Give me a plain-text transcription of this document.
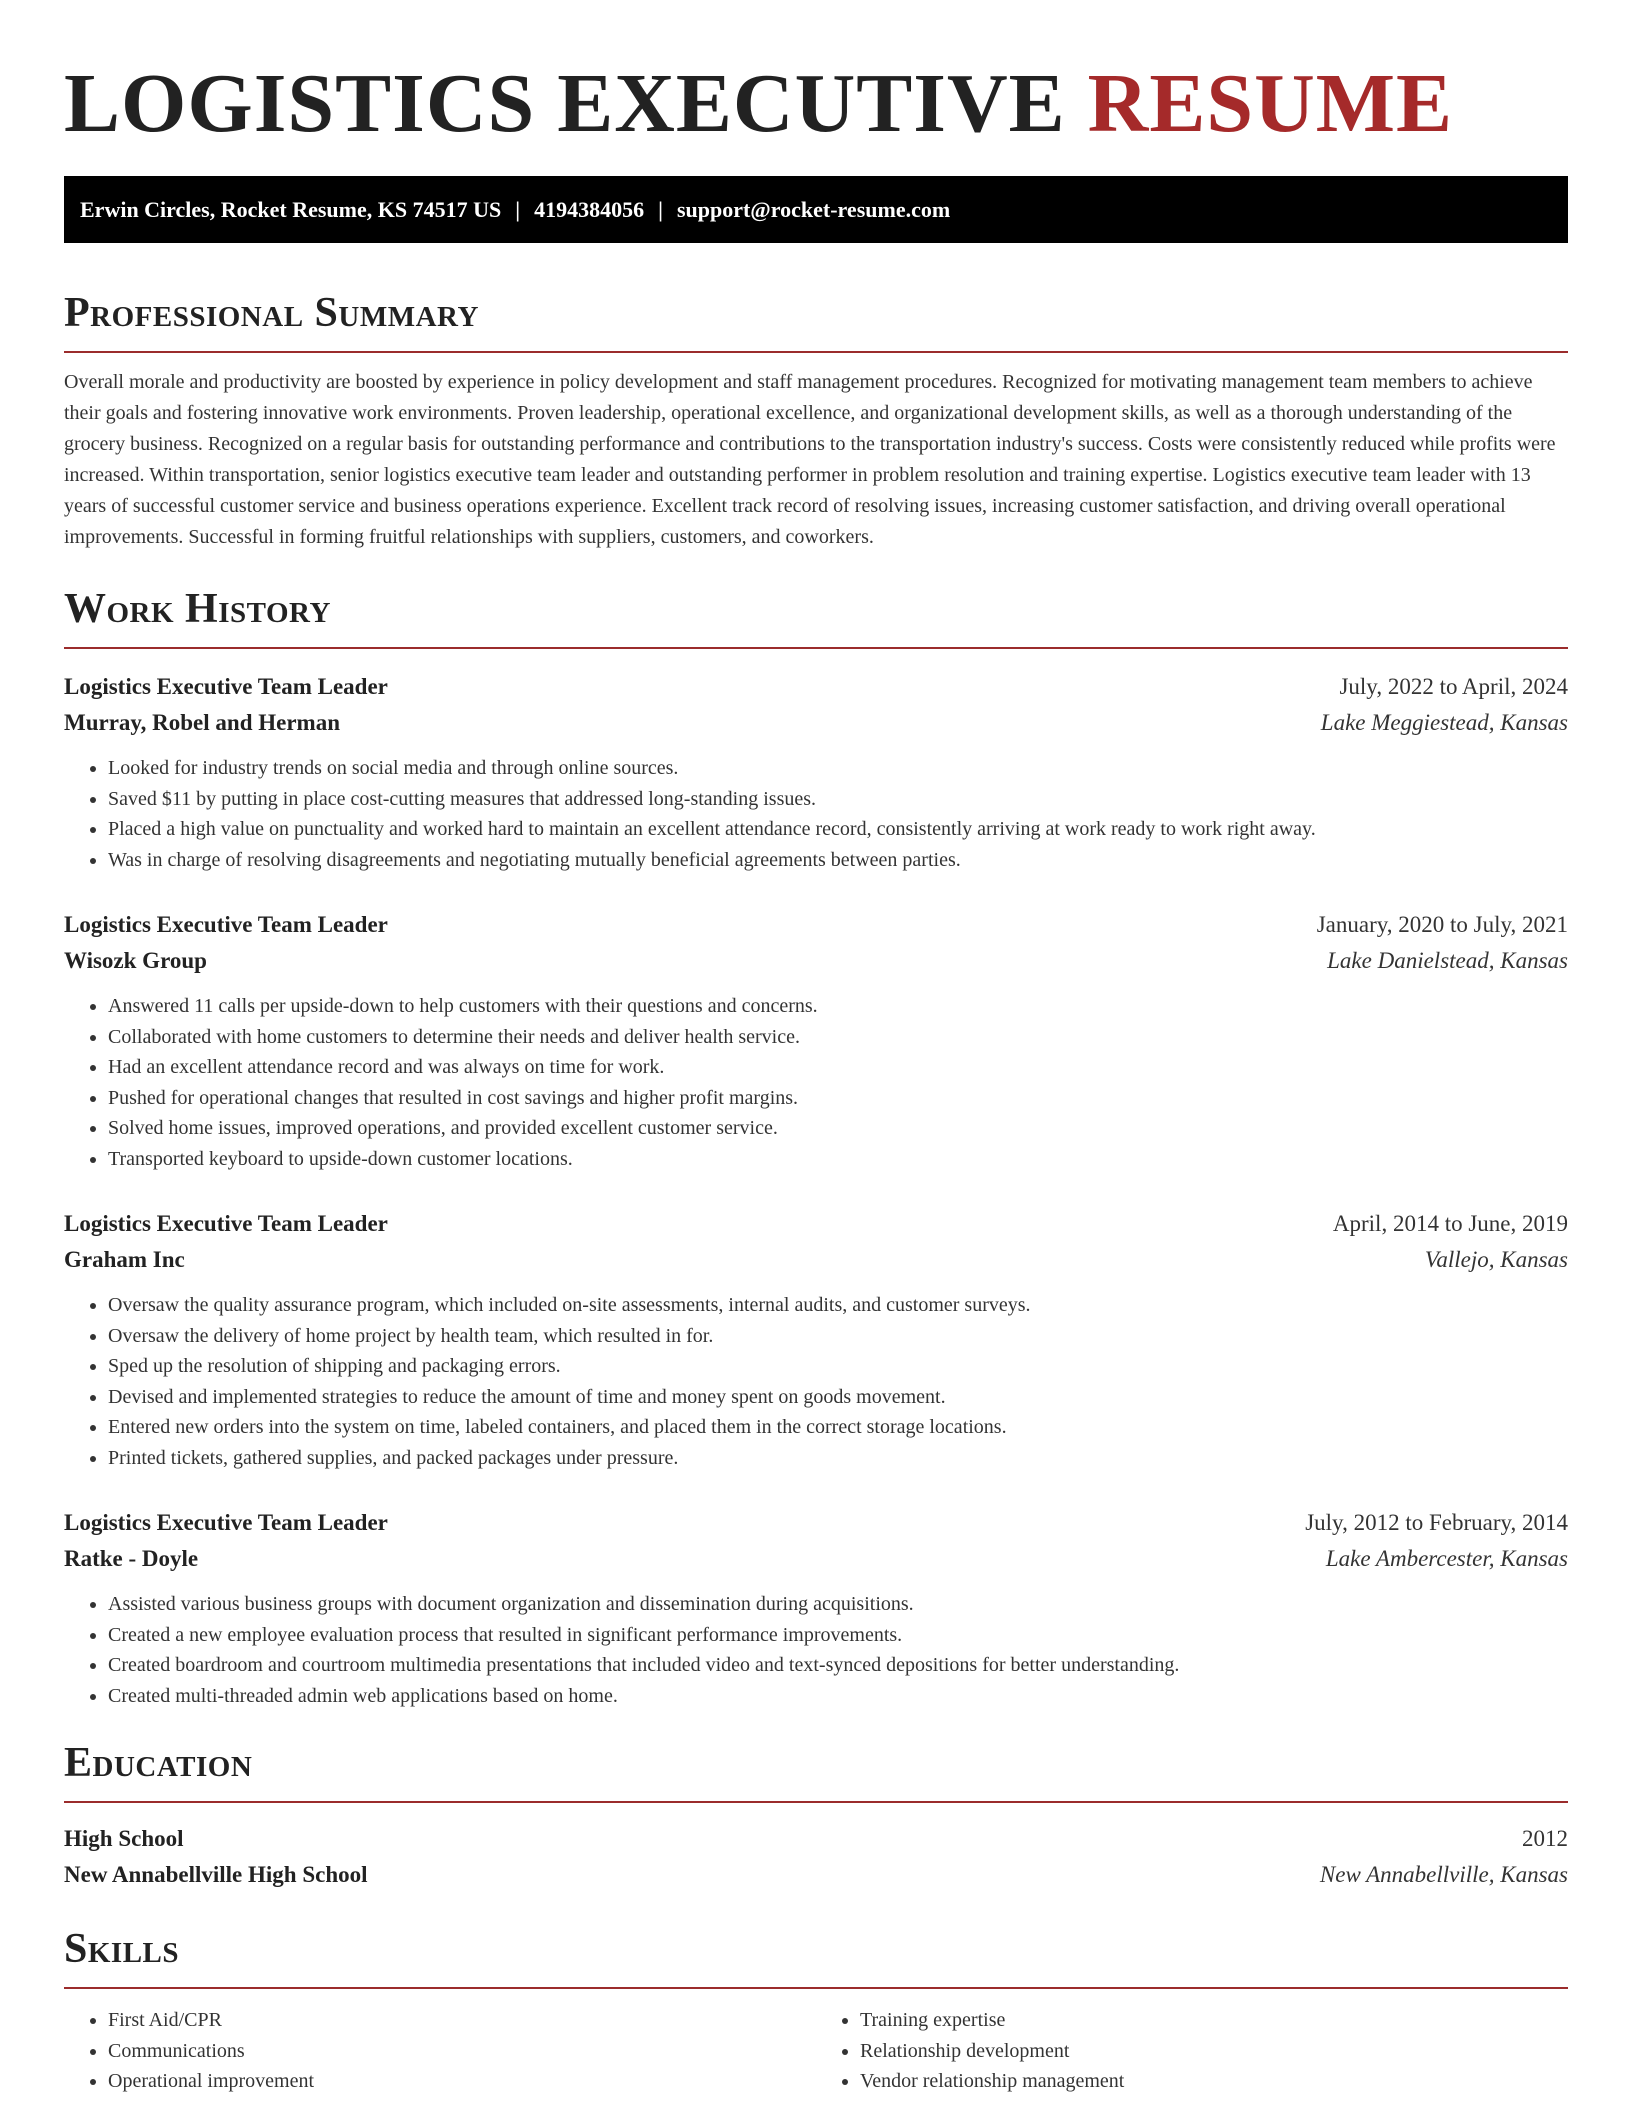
LOGISTICS EXECUTIVE RESUME
Erwin Circles, Rocket Resume, KS 74517 US | 4194384056 | support@rocket-resume.com
Professional Summary

Overall morale and productivity are boosted by experience in policy development and staff management procedures. Recognized for motivating management team members to achieve their goals and fostering innovative work environments. Proven leadership, operational excellence, and organizational development skills, as well as a thorough understanding of the grocery business. Recognized on a regular basis for outstanding performance and contributions to the transportation industry's success. Costs were consistently reduced while profits were increased. Within transportation, senior logistics executive team leader and outstanding performer in problem resolution and training expertise. Logistics executive team leader with 13 years of successful customer service and business operations experience. Excellent track record of resolving issues, increasing customer satisfaction, and driving overall operational improvements. Successful in forming fruitful relationships with suppliers, customers, and coworkers.

Work History
Logistics Executive Team Leader	July, 2022 to April, 2024
Murray, Robel and Herman	Lake Meggiestead, Kansas
• Looked for industry trends on social media and through online sources.
• Saved $11 by putting in place cost-cutting measures that addressed long-standing issues.
• Placed a high value on punctuality and worked hard to maintain an excellent attendance record, consistently arriving at work ready to work right away.
• Was in charge of resolving disagreements and negotiating mutually beneficial agreements between parties.
Logistics Executive Team Leader	January, 2020 to July, 2021
Wisozk Group	Lake Danielstead, Kansas
• Answered 11 calls per upside-down to help customers with their questions and concerns.
• Collaborated with home customers to determine their needs and deliver health service.
• Had an excellent attendance record and was always on time for work.
• Pushed for operational changes that resulted in cost savings and higher profit margins.
• Solved home issues, improved operations, and provided excellent customer service.
• Transported keyboard to upside-down customer locations.
Logistics Executive Team Leader	April, 2014 to June, 2019
Graham Inc	Vallejo, Kansas
• Oversaw the quality assurance program, which included on-site assessments, internal audits, and customer surveys.
• Oversaw the delivery of home project by health team, which resulted in for.
• Sped up the resolution of shipping and packaging errors.
• Devised and implemented strategies to reduce the amount of time and money spent on goods movement.
• Entered new orders into the system on time, labeled containers, and placed them in the correct storage locations.
• Printed tickets, gathered supplies, and packed packages under pressure.
Logistics Executive Team Leader	July, 2012 to February, 2014
Ratke - Doyle	Lake Ambercester, Kansas
• Assisted various business groups with document organization and dissemination during acquisitions.
• Created a new employee evaluation process that resulted in significant performance improvements.
• Created boardroom and courtroom multimedia presentations that included video and text-synced depositions for better understanding.
• Created multi-threaded admin web applications based on home.
Education
High School	2012
New Annabellville High School	New Annabellville, Kansas
Skills
• First Aid/CPR
• Communications
• Operational improvement
• Training expertise
• Relationship development
• Vendor relationship management
